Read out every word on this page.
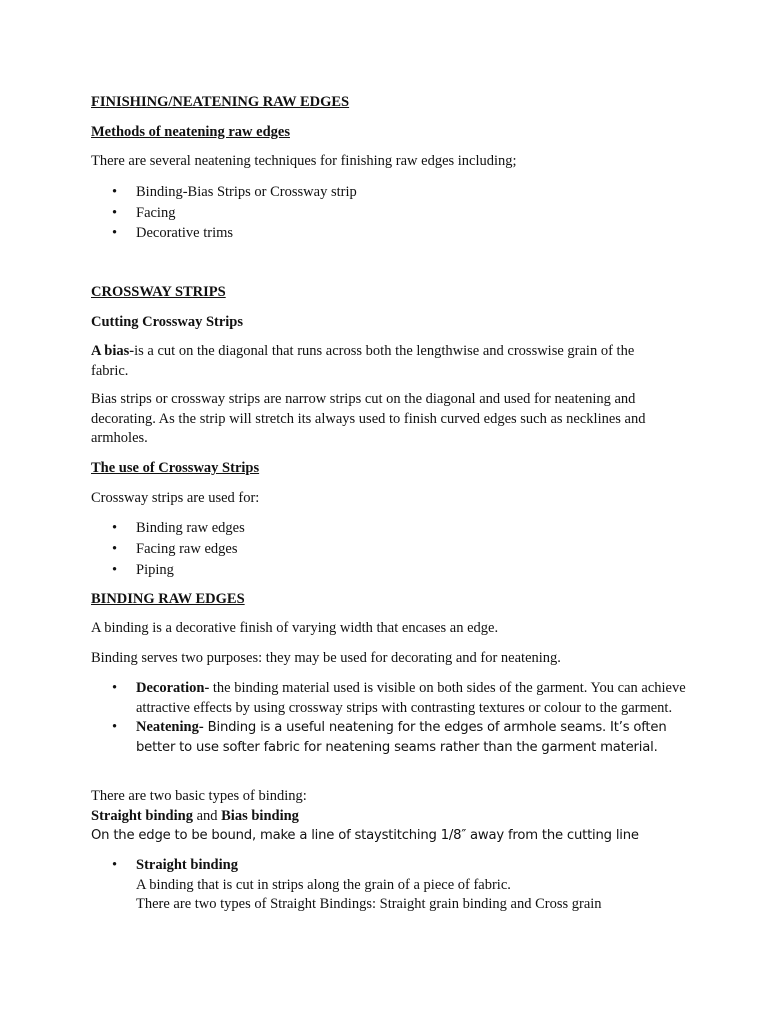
FINISHING/NEATENING RAW EDGES

Methods of neatening raw edges

There are several neatening techniques for finishing raw edges including;

• Binding-Bias Strips or Crossway strip
• Facing
• Decorative trims

CROSSWAY STRIPS

Cutting Crossway Strips

A bias-is a cut on the diagonal that runs across both the lengthwise and crosswise grain of the
fabric.

Bias strips or crossway strips are narrow strips cut on the diagonal and used for neatening and decorating. As the strip will stretch its always used to finish curved edges such as necklines and armholes.

The use of Crossway Strips

Crossway strips are used for:

• Binding raw edges
• Facing raw edges
• Piping

BINDING RAW EDGES

A binding is a decorative finish of varying width that encases an edge.

Binding serves two purposes: they may be used for decorating and for neatening.

• Decoration- the binding material used is visible on both sides of the garment. You can achieve attractive effects by using crossway strips with contrasting textures or colour to the garment.
• Neatening- Binding is a useful neatening for the edges of armhole seams. It’s often better to use softer fabric for neatening seams rather than the garment material.

There are two basic types of binding:
Straight binding and Bias binding
On the edge to be bound, make a line of staystitching 1/8″ away from the cutting line

• Straight binding
A binding that is cut in strips along the grain of a piece of fabric.
There are two types of Straight Bindings: Straight grain binding and Cross grain
